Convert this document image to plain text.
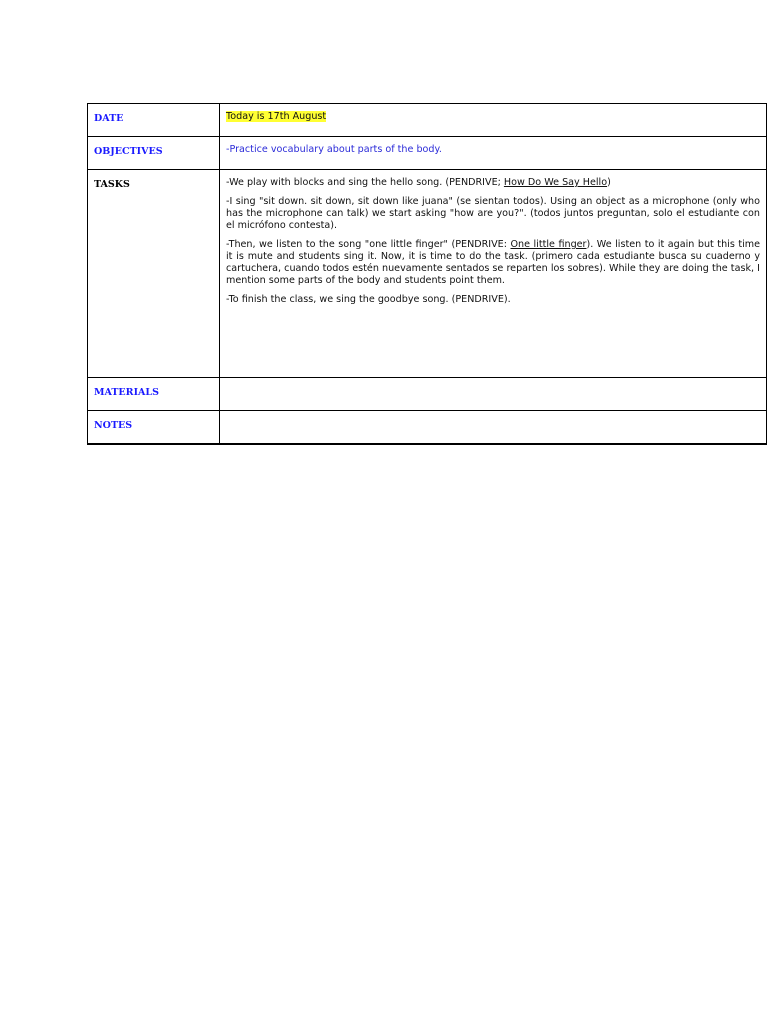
DATE	Today is 17th August

OBJECTIVES	-Practice vocabulary about parts of the body.

TASKS	-We play with blocks and sing the hello song. (PENDRIVE; How Do We Say Hello)

-I sing "sit down. sit down, sit down like juana" (se sientan todos). Using an object as a microphone (only who has the microphone can talk) we start asking "how are you?". (todos juntos preguntan, solo el estudiante con el micrófono contesta).

-Then, we listen to the song "one little finger" (PENDRIVE: One little finger). We listen to it again but this time it is mute and students sing it. Now, it is time to do the task. (primero cada estudiante busca su cuaderno y cartuchera, cuando todos estén nuevamente sentados se reparten los sobres). While they are doing the task, I mention some parts of the body and students point them.

-To finish the class, we sing the goodbye song. (PENDRIVE).

MATERIALS	

NOTES	
